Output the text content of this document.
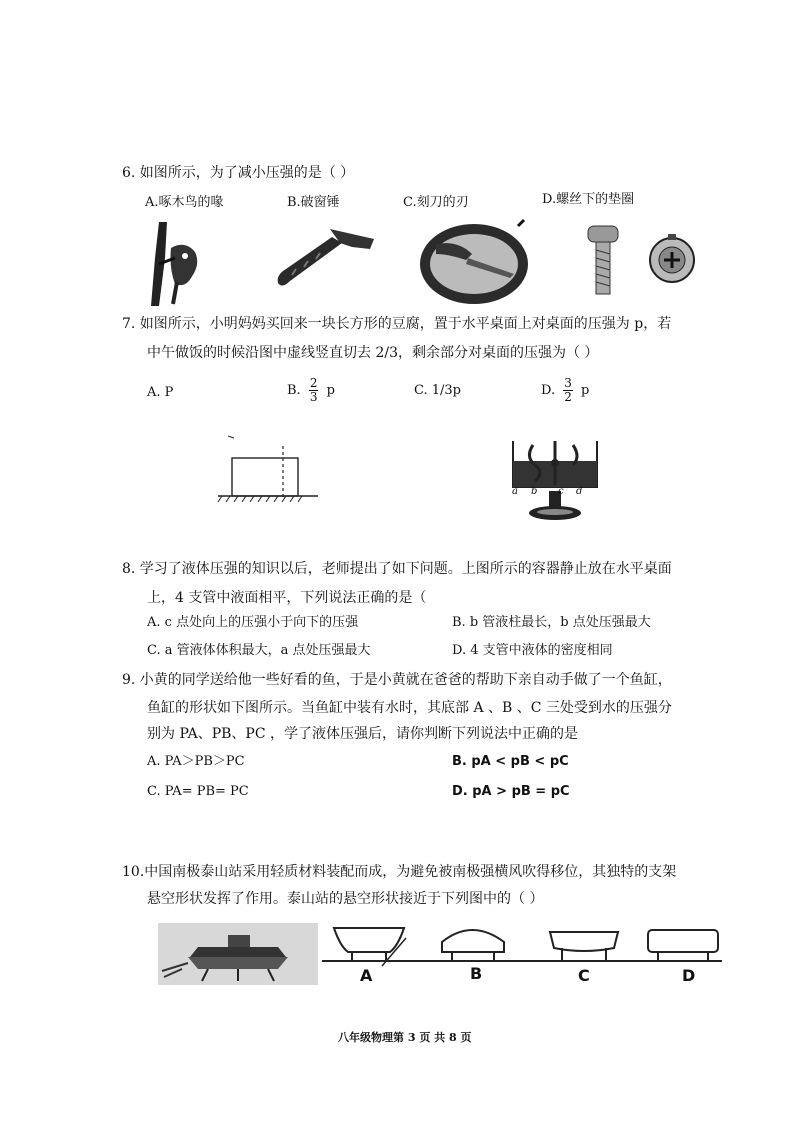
6. 如图所示，为了减小压强的是（ ）
A.啄木鸟的喙	B.破窗锤	C.刻刀的刃	D.螺丝下的垫圈
7. 如图所示，小明妈妈买回来一块长方形的豆腐，置于水平桌面上对桌面的压强为 p，若
中午做饭的时候沿图中虚线竖直切去 2/3，剩余部分对桌面的压强为（ ）
A. P	B. $\frac{2}{3}$ p	C. 1/3p	D. $\frac{3}{2}$ p
a b c d
8. 学习了液体压强的知识以后，老师提出了如下问题。上图所示的容器静止放在水平桌面
上，4 支管中液面相平，下列说法正确的是（
A. c 点处向上的压强小于向下的压强	B. b 管液柱最长，b 点处压强最大
C. a 管液体体积最大，a 点处压强最大	D. 4 支管中液体的密度相同
9. 小黄的同学送给他一些好看的鱼，于是小黄就在爸爸的帮助下亲自动手做了一个鱼缸，
鱼缸的形状如下图所示。当鱼缸中装有水时，其底部 A 、B 、C 三处受到水的压强分
别为 PA、PB、PC ，学了液体压强后，请你判断下列说法中正确的是
A. PA＞PB＞PC	B. pA < pB < pC
C. PA= PB= PC	D. pA > pB = pC
10.中国南极泰山站采用轻质材料装配而成，为避免被南极强横风吹得移位，其独特的支架
悬空形状发挥了作用。泰山站的悬空形状接近于下列图中的（ ）
A	B	C	D
八年级物理第 3 页 共 8 页
